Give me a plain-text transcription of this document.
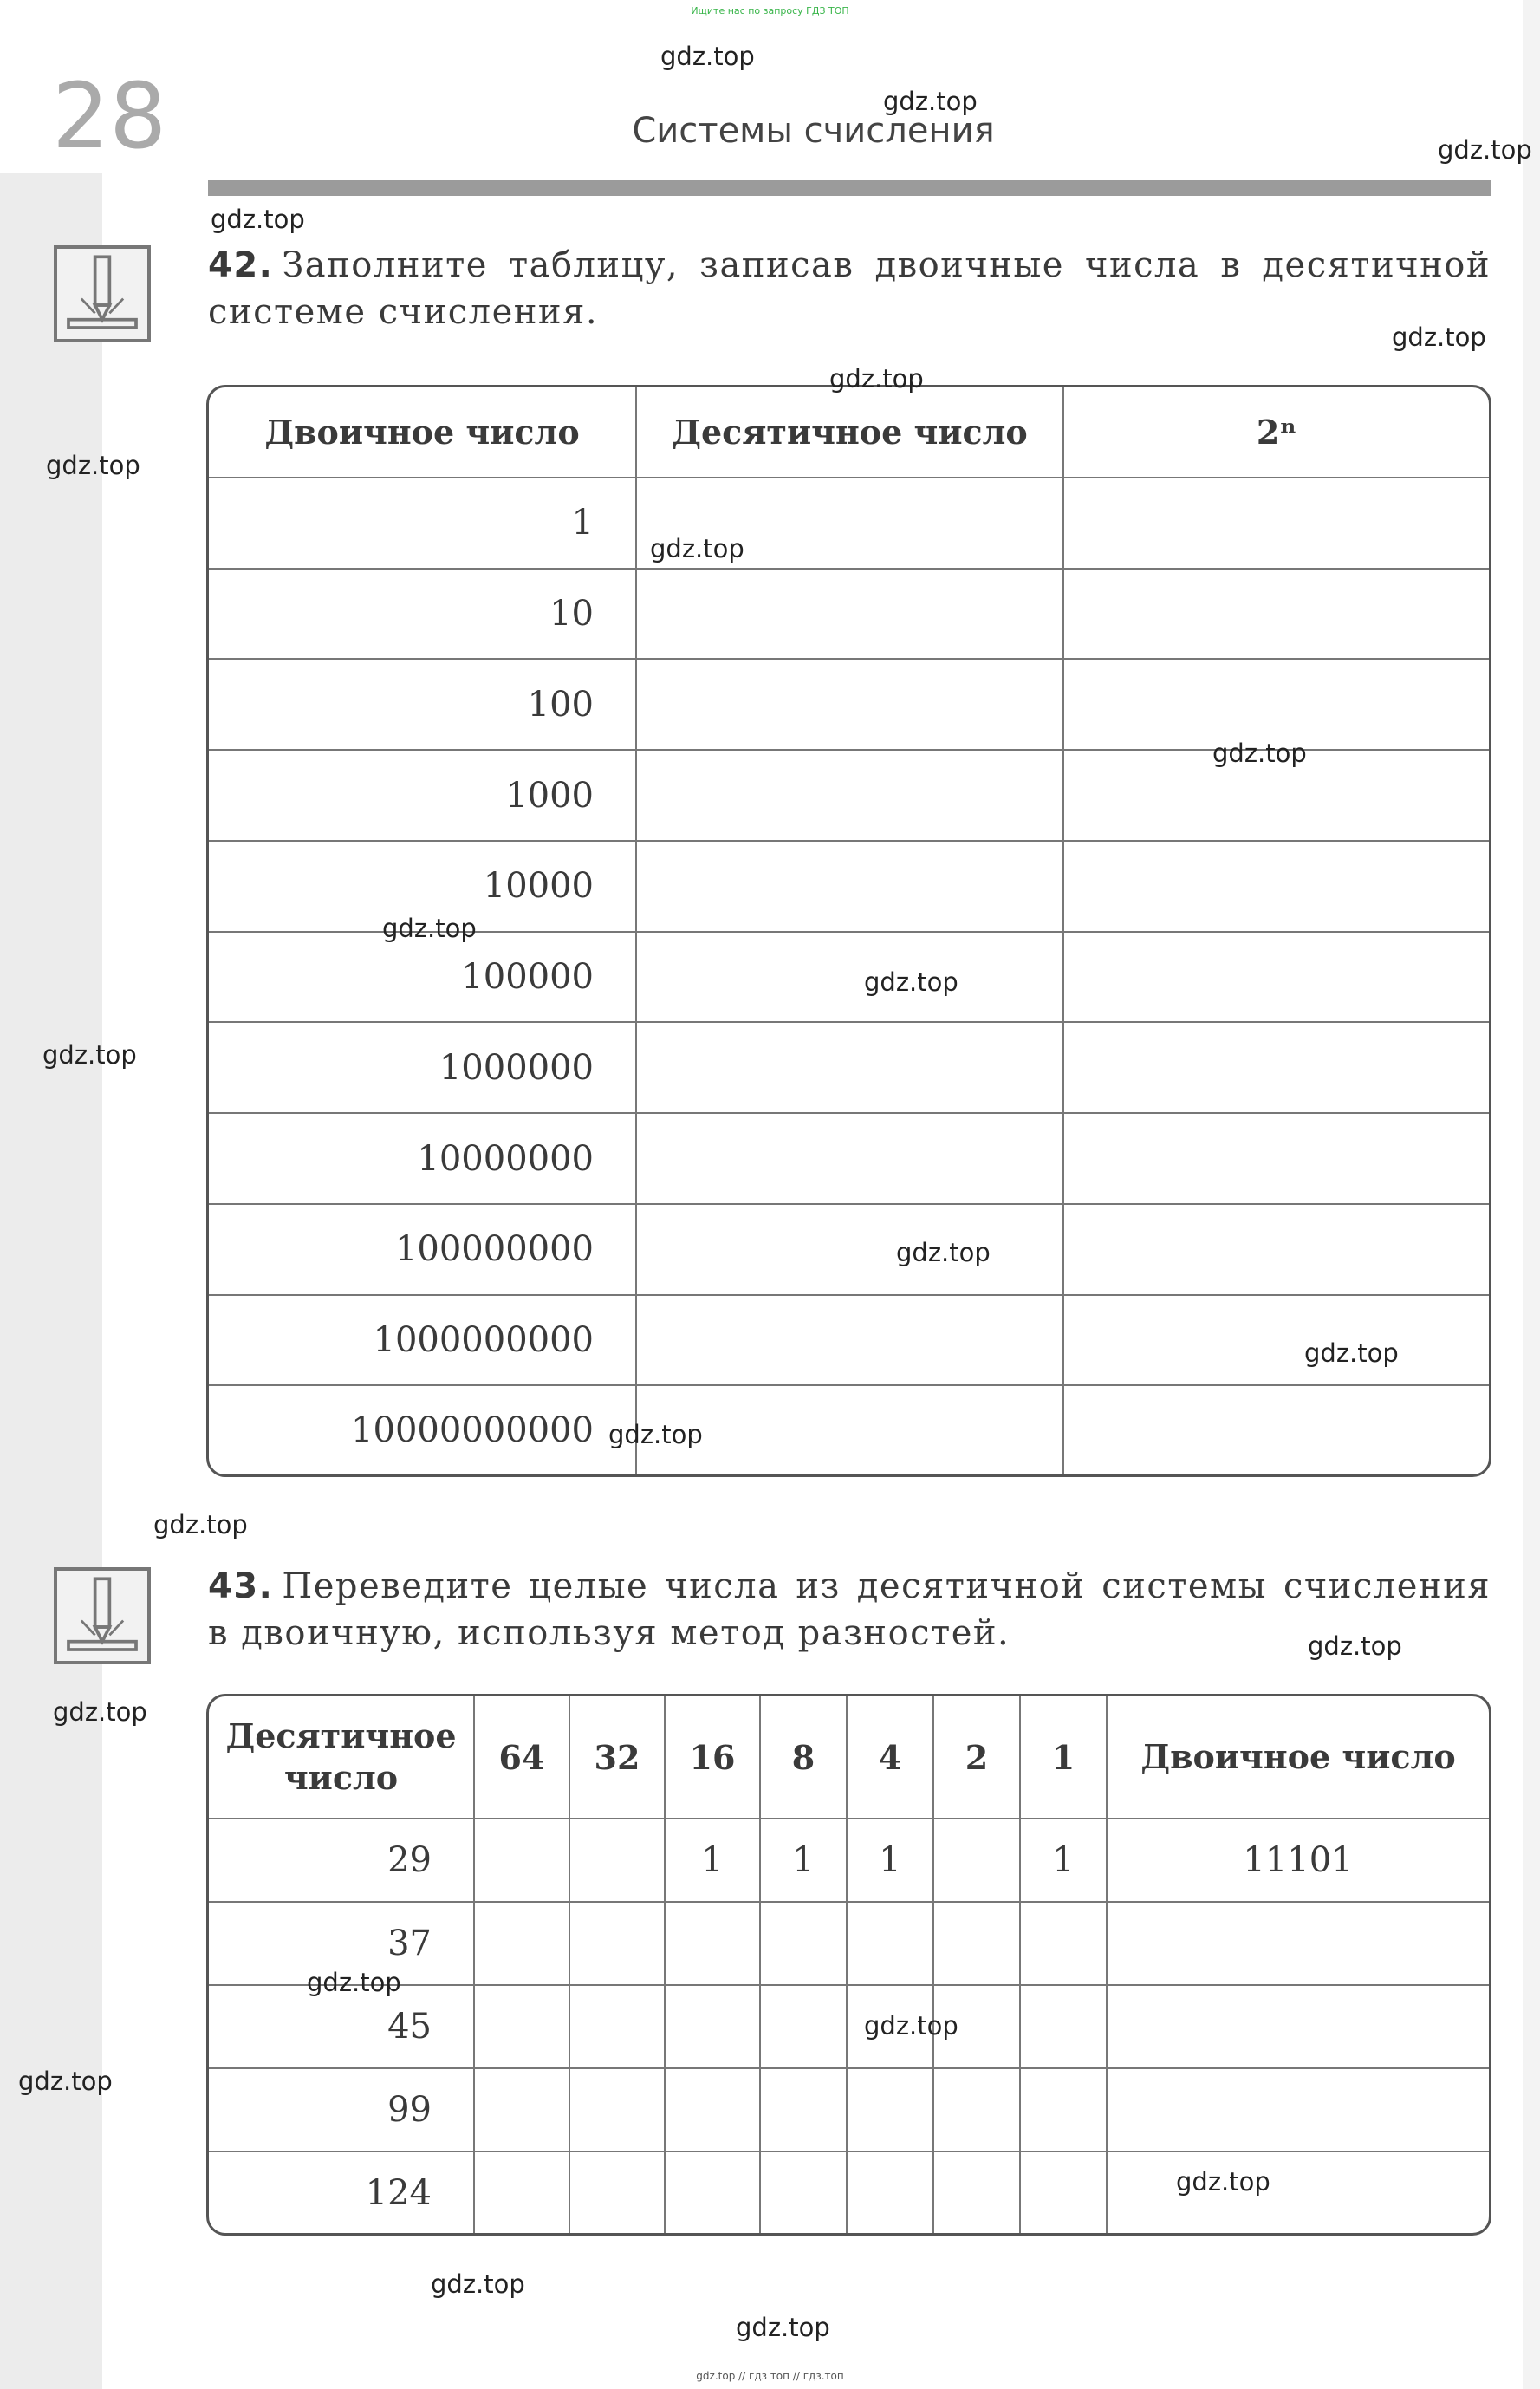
Ищите нас по запросу ГДЗ ТОП
28	Системы счисления
42. Заполните таблицу, записав двоичные числа в десятичной системе счисления.
Двоичное число	Десятичное число	2ⁿ
1		
10		
100		
1000		
10000		
100000		
1000000		
10000000		
100000000		
1000000000		
10000000000		
43. Переведите целые числа из десятичной системы счисления в двоичную, используя метод разностей.
Десятичное число	64	32	16	8	4	2	1	Двоичное число
29			1	1	1		1	11101
37								
45								
99								
124								
gdz.top
gdz.top
gdz.top
gdz.top
gdz.top
gdz.top
gdz.top
gdz.top
gdz.top
gdz.top
gdz.top
gdz.top
gdz.top
gdz.top
gdz.top
gdz.top
gdz.top
gdz.top
gdz.top
gdz.top
gdz.top
gdz.top
gdz.top
gdz.top
gdz.top // гдз топ // гдз.топ
